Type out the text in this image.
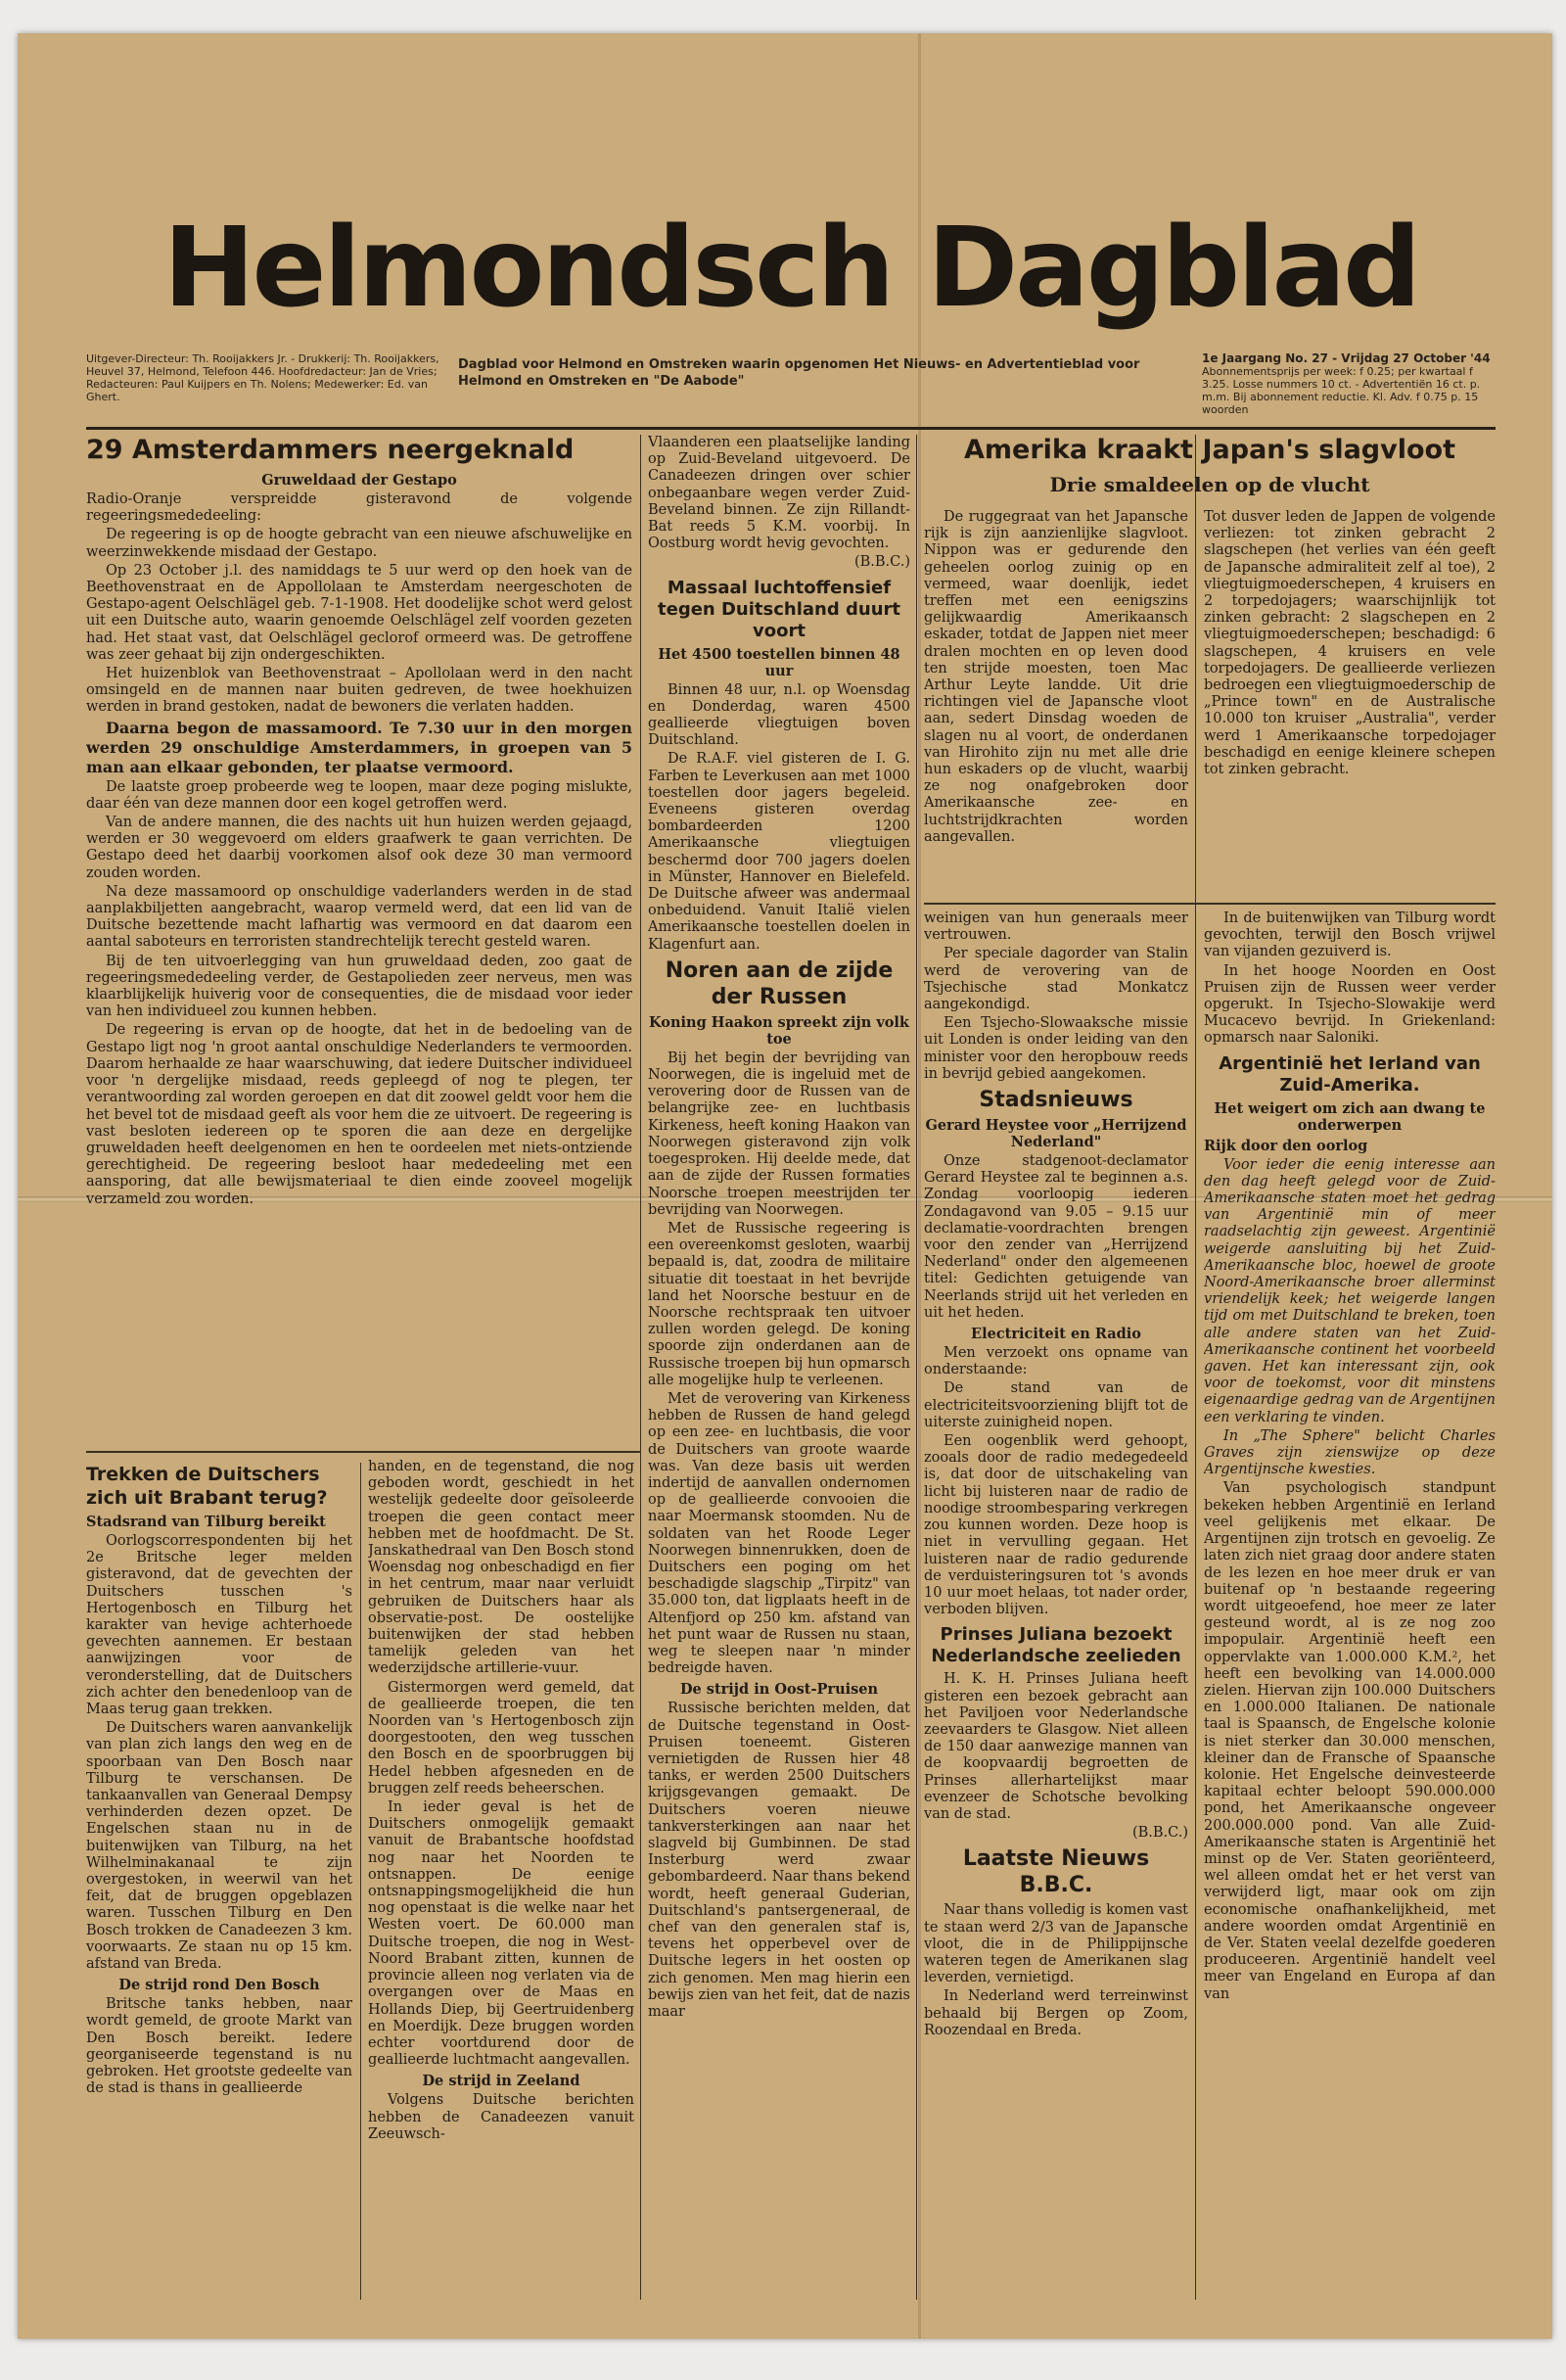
Helmondsch Dagblad
Uitgever-Directeur: Th. Rooijakkers Jr. - Drukkerij: Th. Rooijakkers, Heuvel 37, Helmond, Telefoon 446. Hoofdredacteur: Jan de Vries; Redacteuren: Paul Kuijpers en Th. Nolens; Medewerker: Ed. van Ghert.
Dagblad voor Helmond en Omstreken waarin opgenomen Het Nieuws- en Advertentieblad voor Helmond en Omstreken en "De Aabode"
1e Jaargang No. 27 - Vrijdag 27 October '44
Abonnementsprijs per week: f 0.25; per kwartaal f 3.25. Losse nummers 10 ct. - Advertentiën 16 ct. p. m.m. Bij abonnement reductie. Kl. Adv. f 0.75 p. 15 woorden
29 Amsterdammers neergeknald
Gruweldaad der Gestapo

Radio-Oranje verspreidde gisteravond de volgende regeeringsmededeeling:

De regeering is op de hoogte gebracht van een nieuwe afschuwelijke en weerzinwekkende misdaad der Gestapo.

Op 23 October j.l. des namiddags te 5 uur werd op den hoek van de Beethovenstraat en de Appollolaan te Amsterdam neergeschoten de Gestapo-agent Oelschlägel geb. 7-1-1908. Het doodelijke schot werd gelost uit een Duitsche auto, waarin genoemde Oelschlägel zelf voorden gezeten had. Het staat vast, dat Oelschlägel geclorof ormeerd was. De getroffene was zeer gehaat bij zijn ondergeschikten.

Het huizenblok van Beethovenstraat – Apollolaan werd in den nacht omsingeld en de mannen naar buiten gedreven, de twee hoekhuizen werden in brand gestoken, nadat de bewoners die verlaten hadden.

Daarna begon de massamoord. Te 7.30 uur in den morgen werden 29 onschuldige Amsterdammers, in groepen van 5 man aan elkaar gebonden, ter plaatse vermoord.

De laatste groep probeerde weg te loopen, maar deze poging mislukte, daar één van deze mannen door een kogel getroffen werd.

Van de andere mannen, die des nachts uit hun huizen werden gejaagd, werden er 30 weggevoerd om elders graafwerk te gaan verrichten. De Gestapo deed het daarbij voorkomen alsof ook deze 30 man vermoord zouden worden.

Na deze massamoord op onschuldige vaderlanders werden in de stad aanplakbiljetten aangebracht, waarop vermeld werd, dat een lid van de Duitsche bezettende macht lafhartig was vermoord en dat daarom een aantal saboteurs en terroristen standrechtelijk terecht gesteld waren.

Bij de ten uitvoerlegging van hun gruweldaad deden, zoo gaat de regeeringsmededeeling verder, de Gestapolieden zeer nerveus, men was klaarblijkelijk huiverig voor de consequenties, die de misdaad voor ieder van hen individueel zou kunnen hebben.

De regeering is ervan op de hoogte, dat het in de bedoeling van de Gestapo ligt nog 'n groot aantal onschuldige Nederlanders te vermoorden. Daarom herhaalde ze haar waarschuwing, dat iedere Duitscher individueel voor 'n dergelijke misdaad, reeds gepleegd of nog te plegen, ter verantwoording zal worden geroepen en dat dit zoowel geldt voor hem die het bevel tot de misdaad geeft als voor hem die ze uitvoert. De regeering is vast besloten iedereen op te sporen die aan deze en dergelijke gruweldaden heeft deelgenomen en hen te oordeelen met niets-ontziende gerechtigheid. De regeering besloot haar mededeeling met een aansporing, dat alle bewijsmateriaal te dien einde zooveel mogelijk verzameld zou worden.

Trekken de Duitschers zich uit Brabant terug?
Stadsrand van Tilburg bereikt

Oorlogscorrespondenten bij het 2e Britsche leger melden gisteravond, dat de gevechten der Duitschers tusschen 's Hertogenbosch en Tilburg het karakter van hevige achterhoede gevechten aannemen. Er bestaan aanwijzingen voor de veronderstelling, dat de Duitschers zich achter den benedenloop van de Maas terug gaan trekken.

De Duitschers waren aanvankelijk van plan zich langs den weg en de spoorbaan van Den Bosch naar Tilburg te verschansen. De tankaanvallen van Generaal Dempsy verhinderden dezen opzet. De Engelschen staan nu in de buitenwijken van Tilburg, na het Wilhelminakanaal te zijn overgestoken, in weerwil van het feit, dat de bruggen opgeblazen waren. Tusschen Tilburg en Den Bosch trokken de Canadeezen 3 km. voorwaarts. Ze staan nu op 15 km. afstand van Breda.

De strijd rond Den Bosch

Britsche tanks hebben, naar wordt gemeld, de groote Markt van Den Bosch bereikt. Iedere georganiseerde tegenstand is nu gebroken. Het grootste gedeelte van de stad is thans in geallieerde

handen, en de tegenstand, die nog geboden wordt, geschiedt in het westelijk gedeelte door geïsoleerde troepen die geen contact meer hebben met de hoofdmacht. De St. Janskathedraal van Den Bosch stond Woensdag nog onbeschadigd en fier in het centrum, maar naar verluidt gebruiken de Duitschers haar als observatie-post. De oostelijke buitenwijken der stad hebben tamelijk geleden van het wederzijdsche artillerie-vuur.

Gistermorgen werd gemeld, dat de geallieerde troepen, die ten Noorden van 's Hertogenbosch zijn doorgestooten, den weg tusschen den Bosch en de spoorbruggen bij Hedel hebben afgesneden en de bruggen zelf reeds beheerschen.

In ieder geval is het de Duitschers onmogelijk gemaakt vanuit de Brabantsche hoofdstad nog naar het Noorden te ontsnappen. De eenige ontsnappingsmogelijkheid die hun nog openstaat is die welke naar het Westen voert. De 60.000 man Duitsche troepen, die nog in West-Noord Brabant zitten, kunnen de provincie alleen nog verlaten via de overgangen over de Maas en Hollands Diep, bij Geertruidenberg en Moerdijk. Deze bruggen worden echter voortdurend door de geallieerde luchtmacht aangevallen.

De strijd in Zeeland

Volgens Duitsche berichten hebben de Canadeezen vanuit Zeeuwsch-

Vlaanderen een plaatselijke landing op Zuid-Beveland uitgevoerd. De Canadeezen dringen over schier onbegaanbare wegen verder Zuid-Beveland binnen. Ze zijn Rillandt-Bat reeds 5 K.M. voorbij. In Oostburg wordt hevig gevochten.

(B.B.C.)

Massaal luchtoffensief tegen Duitschland duurt voort
Het 4500 toestellen binnen 48 uur

Binnen 48 uur, n.l. op Woensdag en Donderdag, waren 4500 geallieerde vliegtuigen boven Duitschland.

De R.A.F. viel gisteren de I. G. Farben te Leverkusen aan met 1000 toestellen door jagers begeleid. Eveneens gisteren overdag bombardeerden 1200 Amerikaansche vliegtuigen beschermd door 700 jagers doelen in Münster, Hannover en Bielefeld. De Duitsche afweer was andermaal onbeduidend. Vanuit Italië vielen Amerikaansche toestellen doelen in Klagenfurt aan.

Noren aan de zijde der Russen
Koning Haakon spreekt zijn volk toe

Bij het begin der bevrijding van Noorwegen, die is ingeluid met de verovering door de Russen van de belangrijke zee- en luchtbasis Kirkeness, heeft koning Haakon van Noorwegen gisteravond zijn volk toegesproken. Hij deelde mede, dat aan de zijde der Russen formaties Noorsche troepen meestrijden ter bevrijding van Noorwegen.

Met de Russische regeering is een overeenkomst gesloten, waarbij bepaald is, dat, zoodra de militaire situatie dit toestaat in het bevrijde land het Noorsche bestuur en de Noorsche rechtspraak ten uitvoer zullen worden gelegd. De koning spoorde zijn onderdanen aan de Russische troepen bij hun opmarsch alle mogelijke hulp te verleenen.

Met de verovering van Kirkeness hebben de Russen de hand gelegd op een zee- en luchtbasis, die voor de Duitschers van groote waarde was. Van deze basis uit werden indertijd de aanvallen ondernomen op de geallieerde convooien die naar Moermansk stoomden. Nu de soldaten van het Roode Leger Noorwegen binnenrukken, doen de Duitschers een poging om het beschadigde slagschip „Tirpitz" van 35.000 ton, dat ligplaats heeft in de Altenfjord op 250 km. afstand van het punt waar de Russen nu staan, weg te sleepen naar 'n minder bedreigde haven.

De strijd in Oost-Pruisen

Russische berichten melden, dat de Duitsche tegenstand in Oost-Pruisen toeneemt. Gisteren vernietigden de Russen hier 48 tanks, er werden 2500 Duitschers krijgsgevangen gemaakt. De Duitschers voeren nieuwe tankversterkingen aan naar het slagveld bij Gumbinnen. De stad Insterburg werd zwaar gebombardeerd. Naar thans bekend wordt, heeft generaal Guderian, Duitschland's pantsergeneraal, de chef van den generalen staf is, tevens het opperbevel over de Duitsche legers in het oosten op zich genomen. Men mag hierin een bewijs zien van het feit, dat de nazis maar

Amerika kraakt Japan's slagvloot
Drie smaldeelen op de vlucht

De ruggegraat van het Japansche rijk is zijn aanzienlijke slagvloot. Nippon was er gedurende den geheelen oorlog zuinig op en vermeed, waar doenlijk, iedet treffen met een eenigszins gelijkwaardig Amerikaansch eskader, totdat de Jappen niet meer dralen mochten en op leven dood ten strijde moesten, toen Mac Arthur Leyte landde. Uit drie richtingen viel de Japansche vloot aan, sedert Dinsdag woeden de slagen nu al voort, de onderdanen van Hirohito zijn nu met alle drie hun eskaders op de vlucht, waarbij ze nog onafgebroken door Amerikaansche zee- en luchtstrijdkrachten worden aangevallen.

Tot dusver leden de Jappen de volgende verliezen: tot zinken gebracht 2 slagschepen (het verlies van één geeft de Japansche admiraliteit zelf al toe), 2 vliegtuigmoederschepen, 4 kruisers en 2 torpedojagers; waarschijnlijk tot zinken gebracht: 2 slagschepen en 2 vliegtuigmoederschepen; beschadigd: 6 slagschepen, 4 kruisers en vele torpedojagers. De geallieerde verliezen bedroegen een vliegtuigmoederschip de „Prince town" en de Australische 10.000 ton kruiser „Australia", verder werd 1 Amerikaansche torpedojager beschadigd en eenige kleinere schepen tot zinken gebracht.

weinigen van hun generaals meer vertrouwen.

Per speciale dagorder van Stalin werd de verovering van de Tsjechische stad Monkatcz aangekondigd.

Een Tsjecho-Slowaaksche missie uit Londen is onder leiding van den minister voor den heropbouw reeds in bevrijd gebied aangekomen.

Stadsnieuws
Gerard Heystee voor „Herrijzend Nederland"

Onze stadgenoot-declamator Gerard Heystee zal te beginnen a.s. Zondag voorloopig iederen Zondagavond van 9.05 – 9.15 uur declamatie-voordrachten brengen voor den zender van „Herrijzend Nederland" onder den algemeenen titel: Gedichten getuigende van Neerlands strijd uit het verleden en uit het heden.

Electriciteit en Radio

Men verzoekt ons opname van onderstaande:

De stand van de electriciteitsvoorziening blijft tot de uiterste zuinigheid nopen.

Een oogenblik werd gehoopt, zooals door de radio medegedeeld is, dat door de uitschakeling van licht bij luisteren naar de radio de noodige stroombesparing verkregen zou kunnen worden. Deze hoop is niet in vervulling gegaan. Het luisteren naar de radio gedurende de verduisteringsuren tot 's avonds 10 uur moet helaas, tot nader order, verboden blijven.

Prinses Juliana bezoekt Nederlandsche zeelieden

H. K. H. Prinses Juliana heeft gisteren een bezoek gebracht aan het Paviljoen voor Nederlandsche zeevaarders te Glasgow. Niet alleen de 150 daar aanwezige mannen van de koopvaardij begroetten de Prinses allerhartelijkst maar evenzeer de Schotsche bevolking van de stad.

(B.B.C.)

Laatste Nieuws B.B.C.

Naar thans volledig is komen vast te staan werd 2/3 van de Japansche vloot, die in de Philippijnsche wateren tegen de Amerikanen slag leverden, vernietigd.

In Nederland werd terreinwinst behaald bij Bergen op Zoom, Roozendaal en Breda.

In de buitenwijken van Tilburg wordt gevochten, terwijl den Bosch vrijwel van vijanden gezuiverd is.

In het hooge Noorden en Oost Pruisen zijn de Russen weer verder opgerukt. In Tsjecho-Slowakije werd Mucacevo bevrijd. In Griekenland: opmarsch naar Saloniki.

Argentinië het Ierland van Zuid-Amerika.
Het weigert om zich aan dwang te onderwerpen
Rijk door den oorlog

Voor ieder die eenig interesse aan den dag heeft gelegd voor de Zuid-Amerikaansche staten moet het gedrag van Argentinië min of meer raadselachtig zijn geweest. Argentinië weigerde aansluiting bij het Zuid-Amerikaansche bloc, hoewel de groote Noord-Amerikaansche broer allerminst vriendelijk keek; het weigerde langen tijd om met Duitschland te breken, toen alle andere staten van het Zuid-Amerikaansche continent het voorbeeld gaven. Het kan interessant zijn, ook voor de toekomst, voor dit minstens eigenaardige gedrag van de Argentijnen een verklaring te vinden.

In „The Sphere" belicht Charles Graves zijn zienswijze op deze Argentijnsche kwesties.

Van psychologisch standpunt bekeken hebben Argentinië en Ierland veel gelijkenis met elkaar. De Argentijnen zijn trotsch en gevoelig. Ze laten zich niet graag door andere staten de les lezen en hoe meer druk er van buitenaf op 'n bestaande regeering wordt uitgeoefend, hoe meer ze later gesteund wordt, al is ze nog zoo impopulair. Argentinië heeft een oppervlakte van 1.000.000 K.M.², het heeft een bevolking van 14.000.000 zielen. Hiervan zijn 100.000 Duitschers en 1.000.000 Italianen. De nationale taal is Spaansch, de Engelsche kolonie is niet sterker dan 30.000 menschen, kleiner dan de Fransche of Spaansche kolonie. Het Engelsche deinvesteerde kapitaal echter beloopt 590.000.000 pond, het Amerikaansche ongeveer 200.000.000 pond. Van alle Zuid-Amerikaansche staten is Argentinië het minst op de Ver. Staten georiënteerd, wel alleen omdat het er het verst van verwijderd ligt, maar ook om zijn economische onafhankelijkheid, met andere woorden omdat Argentinië en de Ver. Staten veelal dezelfde goederen produceeren. Argentinië handelt veel meer van Engeland en Europa af dan van
